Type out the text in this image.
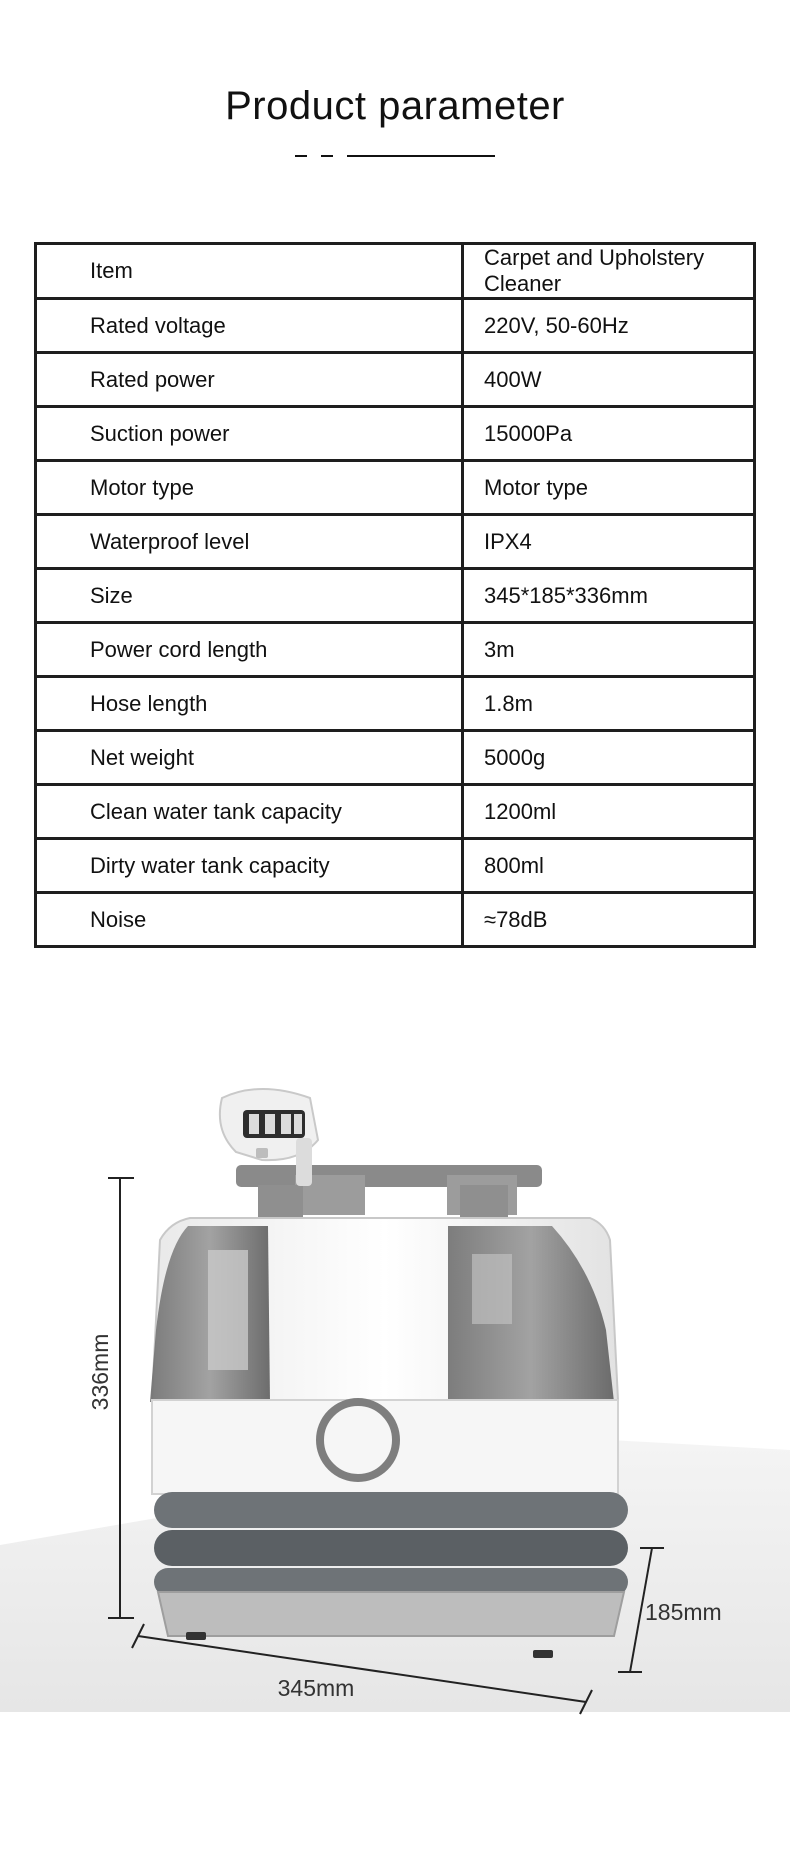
Product parameter
Item	Carpet and Upholstery Cleaner
Rated voltage	220V, 50-60Hz
Rated power	400W
Suction power	15000Pa
Motor type	Motor type
Waterproof level	IPX4
Size	345*185*336mm
Power cord length	3m
Hose length	1.8m
Net weight	5000g
Clean water tank capacity	1200ml
Dirty water tank capacity	800ml
Noise	≈78dB
336mm
185mm
345mm
